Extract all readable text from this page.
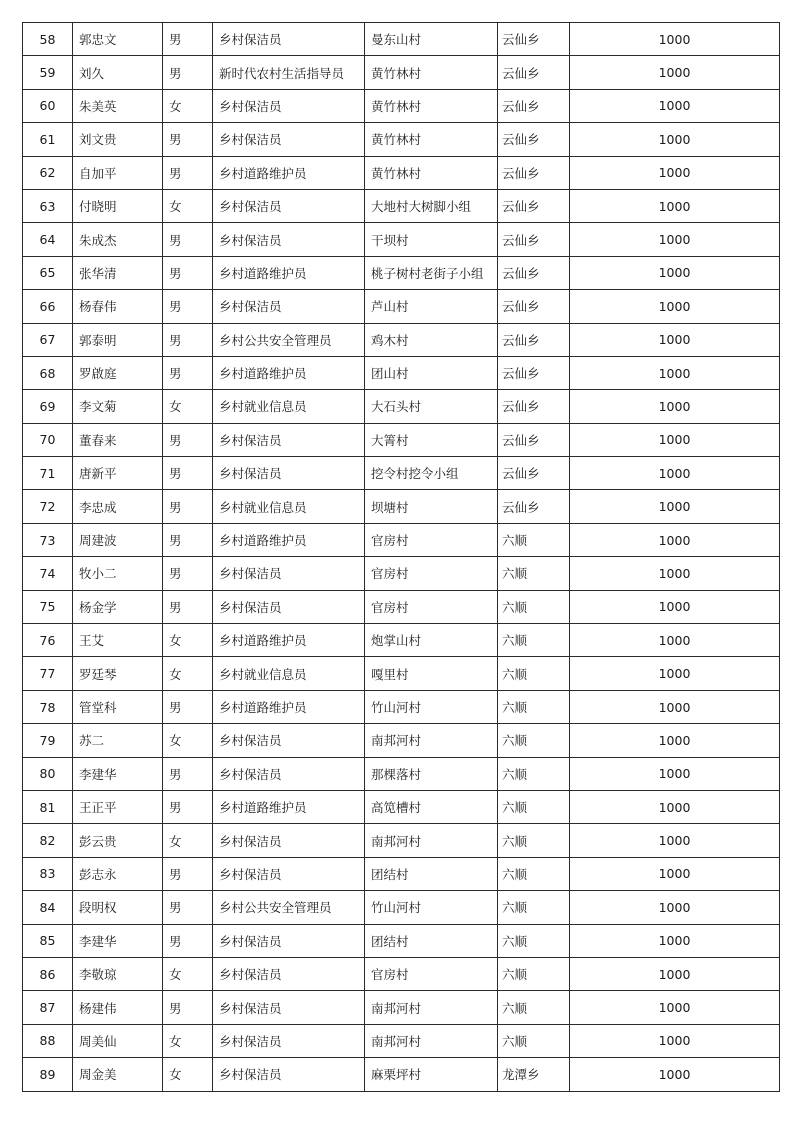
58	郭忠文	男	乡村保洁员	曼东山村	云仙乡	1000
59	刘久	男	新时代农村生活指导员	黄竹林村	云仙乡	1000
60	朱美英	女	乡村保洁员	黄竹林村	云仙乡	1000
61	刘文贵	男	乡村保洁员	黄竹林村	云仙乡	1000
62	自加平	男	乡村道路维护员	黄竹林村	云仙乡	1000
63	付晓明	女	乡村保洁员	大地村大树脚小组	云仙乡	1000
64	朱成杰	男	乡村保洁员	干坝村	云仙乡	1000
65	张华清	男	乡村道路维护员	桃子树村老街子小组	云仙乡	1000
66	杨春伟	男	乡村保洁员	芦山村	云仙乡	1000
67	郭泰明	男	乡村公共安全管理员	鸡木村	云仙乡	1000
68	罗啟庭	男	乡村道路维护员	团山村	云仙乡	1000
69	李文菊	女	乡村就业信息员	大石头村	云仙乡	1000
70	董春来	男	乡村保洁员	大箐村	云仙乡	1000
71	唐新平	男	乡村保洁员	挖令村挖令小组	云仙乡	1000
72	李忠成	男	乡村就业信息员	坝塘村	云仙乡	1000
73	周建波	男	乡村道路维护员	官房村	六顺	1000
74	牧小二	男	乡村保洁员	官房村	六顺	1000
75	杨金学	男	乡村保洁员	官房村	六顺	1000
76	王艾	女	乡村道路维护员	炮掌山村	六顺	1000
77	罗廷琴	女	乡村就业信息员	嘎里村	六顺	1000
78	管堂科	男	乡村道路维护员	竹山河村	六顺	1000
79	苏二	女	乡村保洁员	南邦河村	六顺	1000
80	李建华	男	乡村保洁员	那棵落村	六顺	1000
81	王正平	男	乡村道路维护员	高笕槽村	六顺	1000
82	彭云贵	女	乡村保洁员	南邦河村	六顺	1000
83	彭志永	男	乡村保洁员	团结村	六顺	1000
84	段明权	男	乡村公共安全管理员	竹山河村	六顺	1000
85	李建华	男	乡村保洁员	团结村	六顺	1000
86	李敬琼	女	乡村保洁员	官房村	六顺	1000
87	杨建伟	男	乡村保洁员	南邦河村	六顺	1000
88	周美仙	女	乡村保洁员	南邦河村	六顺	1000
89	周金美	女	乡村保洁员	麻栗坪村	龙潭乡	1000
